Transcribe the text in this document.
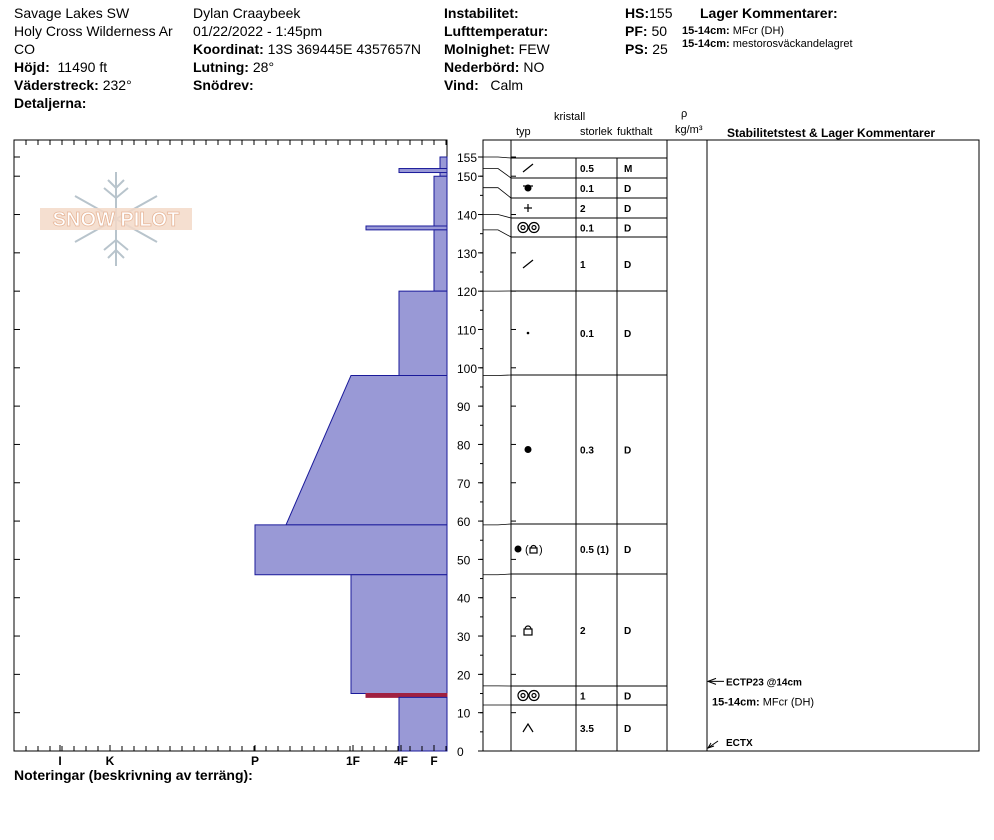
Savage Lakes SW
Holy Cross Wilderness Ar
CO
Höjd: 11490 ft
Väderstreck: 232°
Detaljerna:
Dylan Craaybeek
01/22/2022 - 1:45pm
Koordinat: 13S 369445E 4357657N
Lutning: 28°
Snödrev:
Instabilitet:
Lufttemperatur:
Molnighet: FEW
Nederbörd: NO
Vind: Calm
HS:155
PF: 50
PS: 25
Lager Kommentarer:
15-14cm: MFcr (DH)
15-14cm: mestorosväckandelagret
kristall
typ	storlek fukthalt
ρ
kg/m³ Stabilitetstest & Lager Kommentarer
Noteringar (beskrivning av terräng):
SNOW PILOT
I	K	P	1F	4F F
0
10
20
30
40
50
60
70
80
90
100
110
120
130
140
150
155
0.5	M
0.1	D
2	D
0.1	D
1	D
0.1	D
0.3	D
( )	0.5 (1) D
2	D
1	D
3.5	D
ECTP23 @14cm
15-14cm: MFcr (DH)
ECTX
